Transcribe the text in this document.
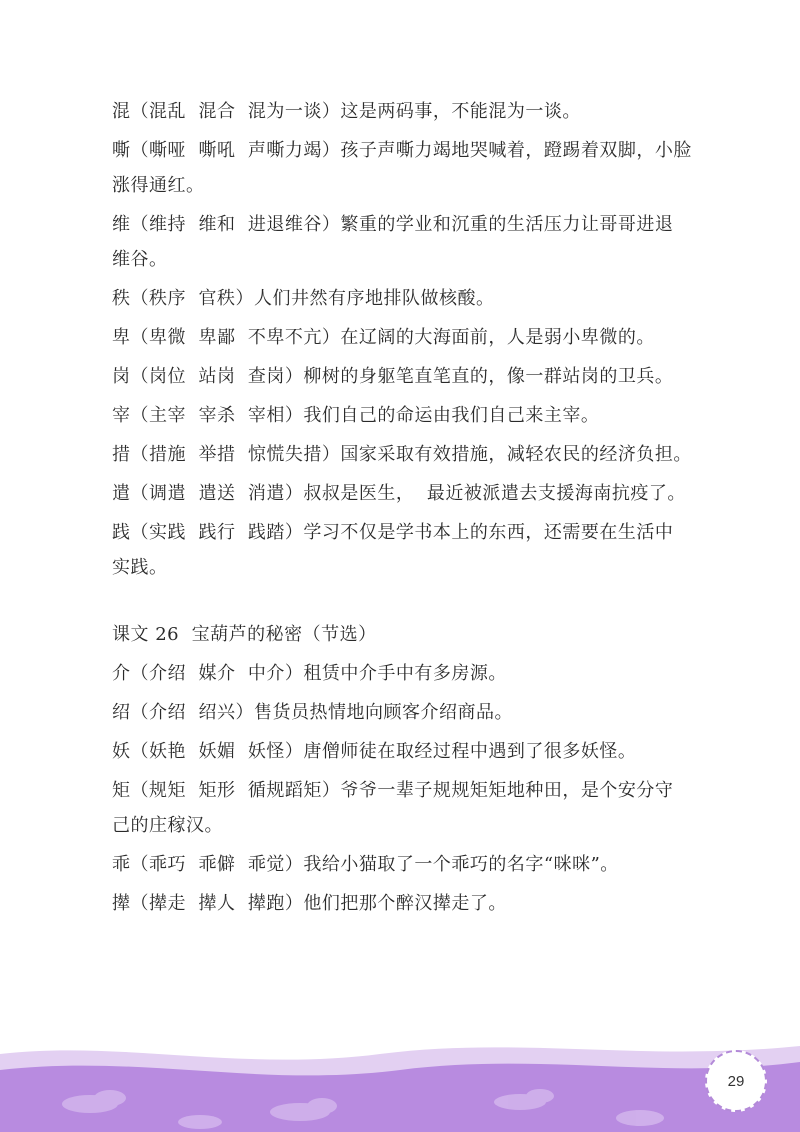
混（混乱  混合  混为一谈）这是两码事，不能混为一谈。

嘶（嘶哑  嘶吼  声嘶力竭）孩子声嘶力竭地哭喊着，蹬踢着双脚，小脸

涨得通红。

维（维持  维和  进退维谷）繁重的学业和沉重的生活压力让哥哥进退

维谷。

秩（秩序  官秩）人们井然有序地排队做核酸。

卑（卑微  卑鄙  不卑不亢）在辽阔的大海面前，人是弱小卑微的。

岗（岗位  站岗  查岗）柳树的身躯笔直笔直的，像一群站岗的卫兵。

宰（主宰  宰杀  宰相）我们自己的命运由我们自己来主宰。

措（措施  举措  惊慌失措）国家采取有效措施，减轻农民的经济负担。

遣（调遣  遣送  消遣）叔叔是医生，  最近被派遣去支援海南抗疫了。

践（实践  践行  践踏）学习不仅是学书本上的东西，还需要在生活中

实践。

课文 26  宝葫芦的秘密（节选）

介（介绍  媒介  中介）租赁中介手中有多房源。

绍（介绍  绍兴）售货员热情地向顾客介绍商品。

妖（妖艳  妖媚  妖怪）唐僧师徒在取经过程中遇到了很多妖怪。

矩（规矩  矩形  循规蹈矩）爷爷一辈子规规矩矩地种田，是个安分守

己的庄稼汉。

乖（乖巧  乖僻  乖觉）我给小猫取了一个乖巧的名字“咪咪”。

撵（撵走  撵人  撵跑）他们把那个醉汉撵走了。

29
